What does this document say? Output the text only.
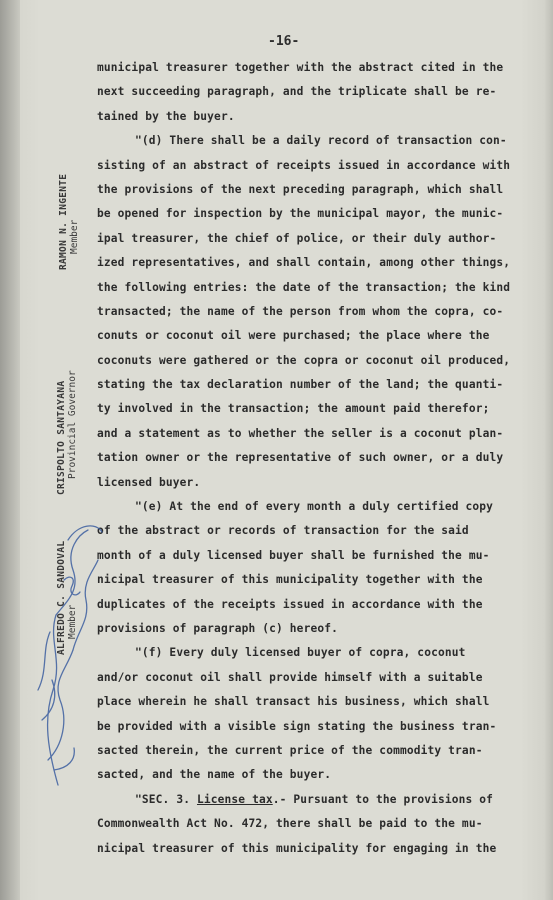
-16-
municipal treasurer together with the abstract cited in the
next succeeding paragraph, and the triplicate shall be re-
tained by the buyer.
"(d) There shall be a daily record of transaction con-
sisting of an abstract of receipts issued in accordance with
the provisions of the next preceding paragraph, which shall
be opened for inspection by the municipal mayor, the munic-
ipal treasurer, the chief of police, or their duly author-
ized representatives, and shall contain, among other things,
the following entries: the date of the transaction; the kind
transacted; the name of the person from whom the copra, co-
conuts or coconut oil were purchased; the place where the
coconuts were gathered or the copra or coconut oil produced,
stating the tax declaration number of the land; the quanti-
ty involved in the transaction; the amount paid therefor;
and a statement as to whether the seller is a coconut plan-
tation owner or the representative of such owner, or a duly
licensed buyer.
"(e) At the end of every month a duly certified copy
of the abstract or records of transaction for the said
month of a duly licensed buyer shall be furnished the mu-
nicipal treasurer of this municipality together with the
duplicates of the receipts issued in accordance with the
provisions of paragraph (c) hereof.
"(f) Every duly licensed buyer of copra, coconut
and/or coconut oil shall provide himself with a suitable
place wherein he shall transact his business, which shall
be provided with a visible sign stating the business tran-
sacted therein, the current price of the commodity tran-
sacted, and the name of the buyer.
"SEC. 3. License tax.- Pursuant to the provisions of
Commonwealth Act No. 472, there shall be paid to the mu-
nicipal treasurer of this municipality for engaging in the
RAMON N. INGENTE Member
CRISPOLTO SANTAYANA Provincial Governor
ALFREDO C. SANDOVAL Member
